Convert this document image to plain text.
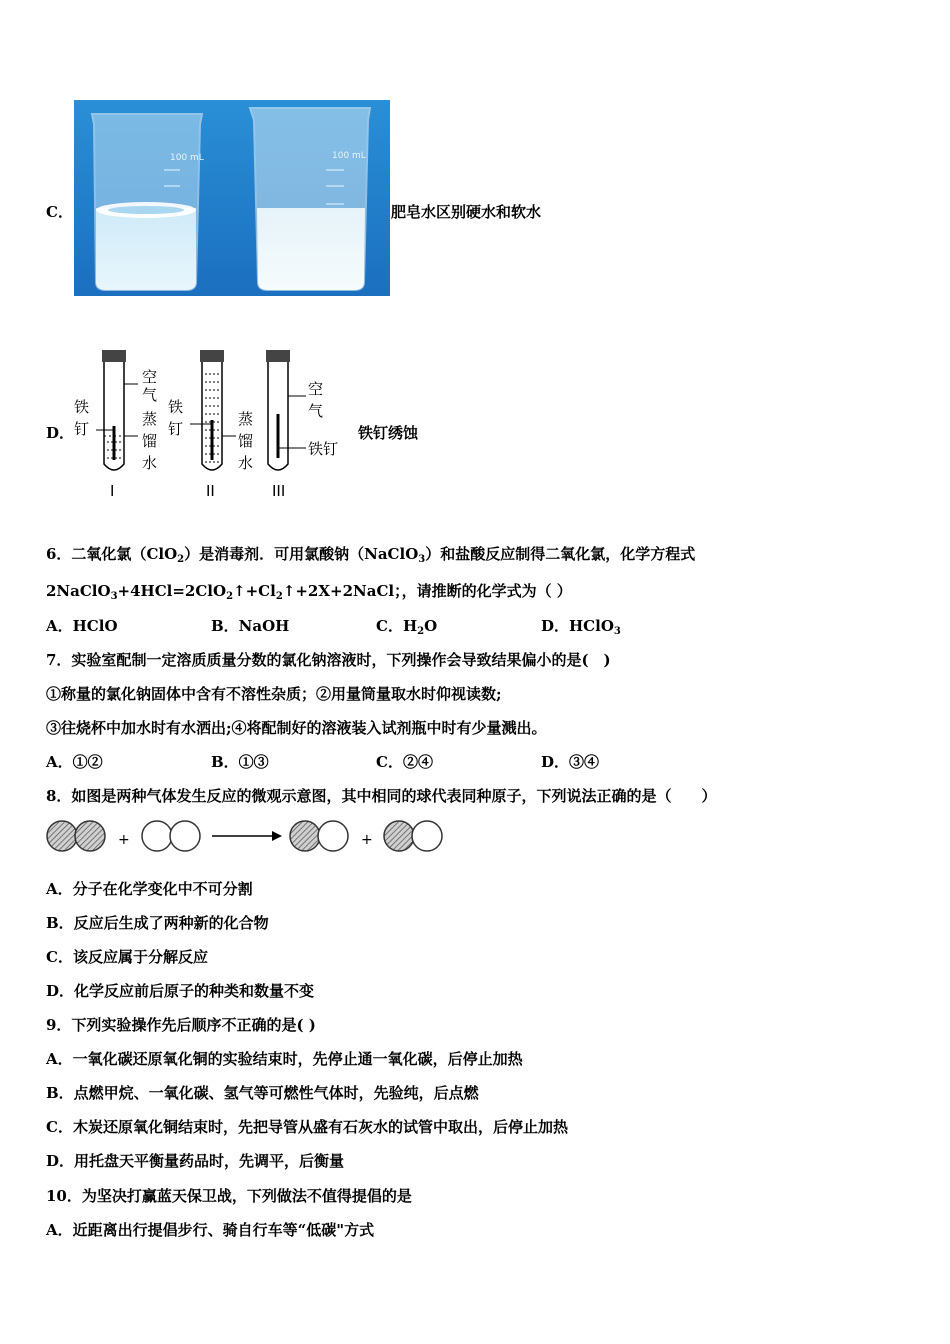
C．
100 mL	100 mL
肥皂水区别硬水和软水
D．
铁
钉
空
气
蒸
馏
水
I
铁
钉
蒸
馏
水
II
空
气
铁钉
III
铁钉绣蚀
6．二氧化氯（ClO$_2$）是消毒剂．可用氯酸钠（NaClO$_3$）和盐酸反应制得二氧化氯，化学方程式
$2NaClO_3+4HCl=2ClO_2↑+Cl_2↑+2X+2NaCl$；，请推断的化学式为（ ）
A．HClO	B．NaOH	C．$H_2O$	D．HClO$_3$
7．实验室配制一定溶质质量分数的氯化钠溶液时，下列操作会导致结果偏小的是(　)
①称量的氯化钠固体中含有不溶性杂质；②用量筒量取水时仰视读数;
③往烧杯中加水时有水洒出;④将配制好的溶液装入试剂瓶中时有少量溅出。
A．①②	B．①③	C．②④	D．③④
8．如图是两种气体发生反应的微观示意图，其中相同的球代表同种原子，下列说法正确的是（　　）
+	+
A．分子在化学变化中不可分割
B．反应后生成了两种新的化合物
C．该反应属于分解反应
D．化学反应前后原子的种类和数量不变
9．下列实验操作先后顺序不正确的是( )
A．一氧化碳还原氧化铜的实验结束时，先停止通一氧化碳，后停止加热
B．点燃甲烷、一氧化碳、氢气等可燃性气体时，先验纯，后点燃
C．木炭还原氧化铜结束时，先把导管从盛有石灰水的试管中取出，后停止加热
D．用托盘天平衡量药品时，先调平，后衡量
10．为坚决打赢蓝天保卫战，下列做法不值得提倡的是
A．近距离出行提倡步行、骑自行车等“低碳"方式
